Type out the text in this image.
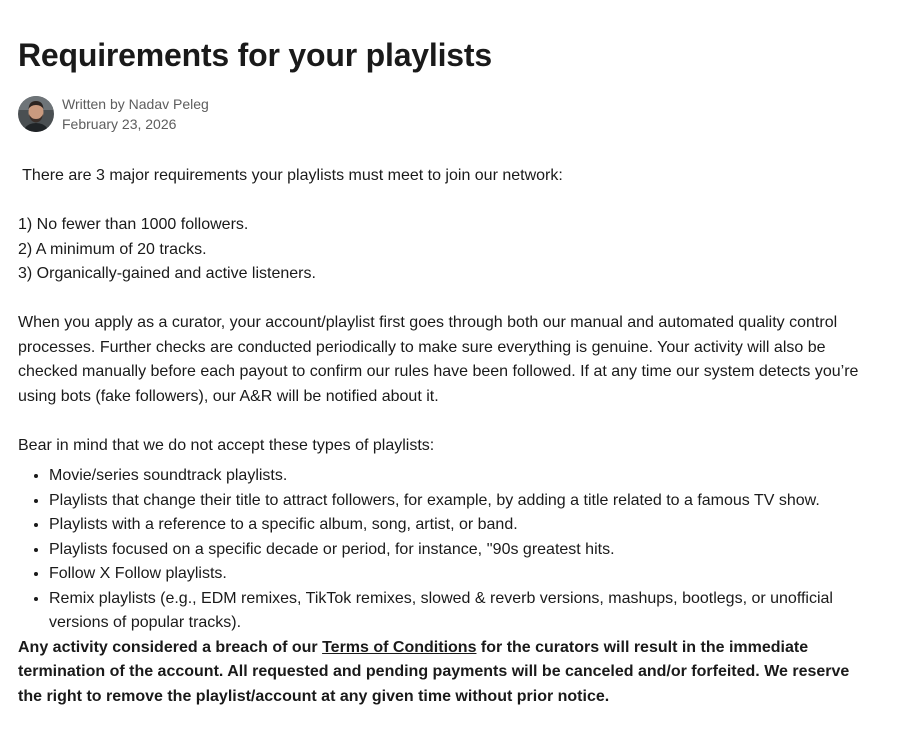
Requirements for your playlists
Written by Nadav Peleg
February 23, 2026

There are 3 major requirements your playlists must meet to join our network:

1) No fewer than 1000 followers.

2) A minimum of 20 tracks.

3) Organically-gained and active listeners.

When you apply as a curator, your account/playlist first goes through both our manual and automated quality control processes. Further checks are conducted periodically to make sure everything is genuine. Your activity will also be checked manually before each payout to confirm our rules have been followed. If at any time our system detects you’re using bots (fake followers), our A&R will be notified about it.

Bear in mind that we do not accept these types of playlists:

• Movie/series soundtrack playlists.
• Playlists that change their title to attract followers, for example, by adding a title related to a famous TV show.
• Playlists with a reference to a specific album, song, artist, or band.
• Playlists focused on a specific decade or period, for instance, ''90s greatest hits.
• Follow X Follow playlists.
• Remix playlists (e.g., EDM remixes, TikTok remixes, slowed & reverb versions, mashups, bootlegs, or unofficial versions of popular tracks).

Any activity considered a breach of our Terms of Conditions for the curators will result in the immediate termination of the account. All requested and pending payments will be canceled and/or forfeited. We reserve the right to remove the playlist/account at any given time without prior notice.
